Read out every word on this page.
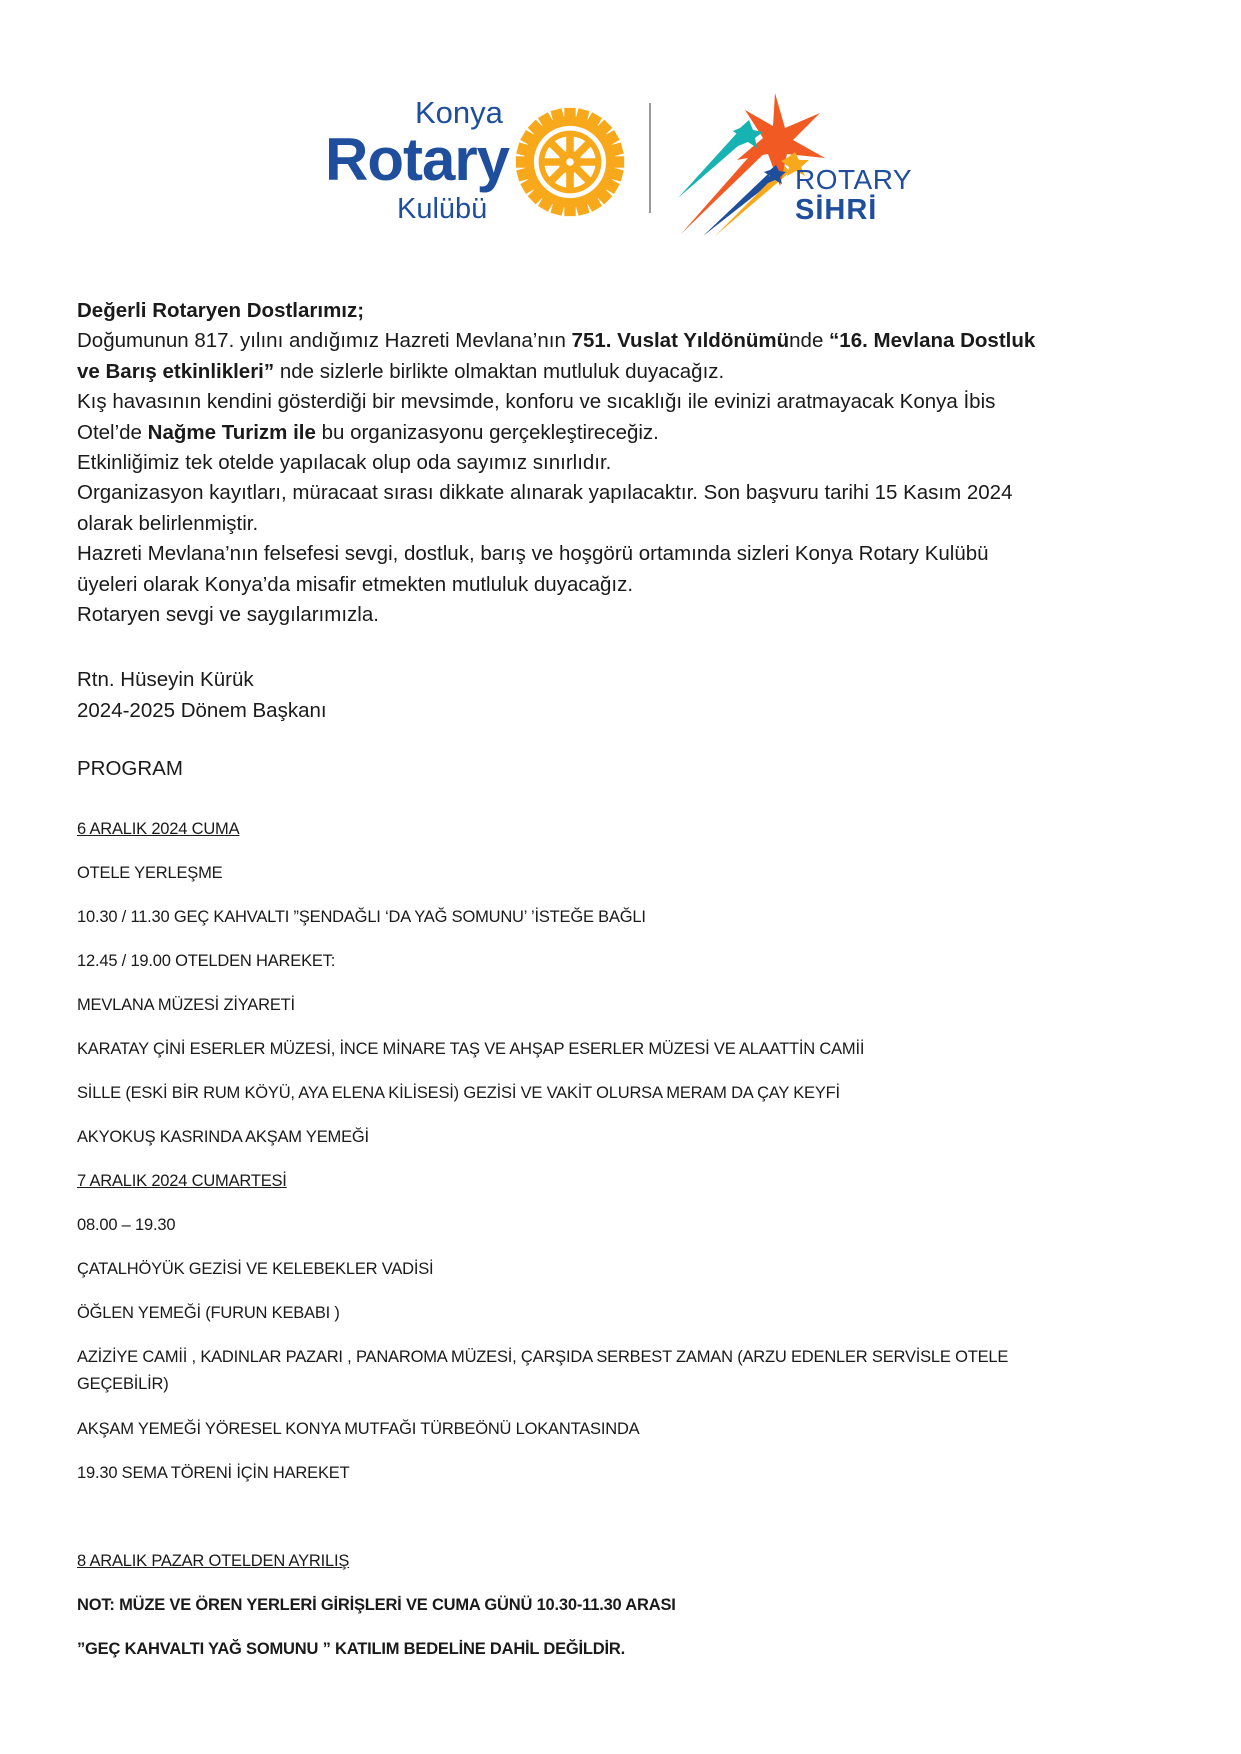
Konya
Rotary
Kulübü
ROTARY
SİHRİ

Değerli Rotaryen Dostlarımız;

Doğumunun 817. yılını andığımız Hazreti Mevlana’nın 751. Vuslat Yıldönümünde “16. Mevlana Dostluk ve Barış etkinlikleri” nde sizlerle birlikte olmaktan mutluluk duyacağız.

Kış havasının kendini gösterdiği bir mevsimde, konforu ve sıcaklığı ile evinizi aratmayacak Konya İbis Otel’de Nağme Turizm ile bu organizasyonu gerçekleştireceğiz.

Etkinliğimiz tek otelde yapılacak olup oda sayımız sınırlıdır.

Organizasyon kayıtları, müracaat sırası dikkate alınarak yapılacaktır. Son başvuru tarihi 15 Kasım 2024 olarak belirlenmiştir.

Hazreti Mevlana’nın felsefesi sevgi, dostluk, barış ve hoşgörü ortamında sizleri Konya Rotary Kulübü üyeleri olarak Konya’da misafir etmekten mutluluk duyacağız.

Rotaryen sevgi ve saygılarımızla.

Rtn. Hüseyin Kürük

2024-2025 Dönem Başkanı

PROGRAM
6 ARALIK 2024 CUMA
OTELE YERLEŞME
10.30 / 11.30 GEÇ KAHVALTI ”ŞENDAĞLI ‘DA YAĞ SOMUNU’ ’İSTEĞE BAĞLI
12.45 / 19.00 OTELDEN HAREKET:
MEVLANA MÜZESİ ZİYARETİ
KARATAY ÇİNİ ESERLER MÜZESİ, İNCE MİNARE TAŞ VE AHŞAP ESERLER MÜZESİ VE ALAATTİN CAMİİ
SİLLE (ESKİ BİR RUM KÖYÜ, AYA ELENA KİLİSESİ) GEZİSİ VE VAKİT OLURSA MERAM DA ÇAY KEYFİ
AKYOKUŞ KASRINDA AKŞAM YEMEĞİ
7 ARALIK 2024 CUMARTESİ
08.00 – 19.30
ÇATALHÖYÜK GEZİSİ VE KELEBEKLER VADİSİ
ÖĞLEN YEMEĞİ (FURUN KEBABI )
AZİZİYE CAMİİ , KADINLAR PAZARI , PANAROMA MÜZESİ, ÇARŞIDA SERBEST ZAMAN (ARZU EDENLER SERVİSLE OTELE GEÇEBİLİR)
AKŞAM YEMEĞİ YÖRESEL KONYA MUTFAĞI TÜRBEÖNÜ LOKANTASINDA
19.30 SEMA TÖRENİ İÇİN HAREKET
8 ARALIK PAZAR OTELDEN AYRILIŞ
NOT: MÜZE VE ÖREN YERLERİ GİRİŞLERİ VE CUMA GÜNÜ 10.30-11.30 ARASI
”GEÇ KAHVALTI YAĞ SOMUNU ” KATILIM BEDELİNE DAHİL DEĞİLDİR.
